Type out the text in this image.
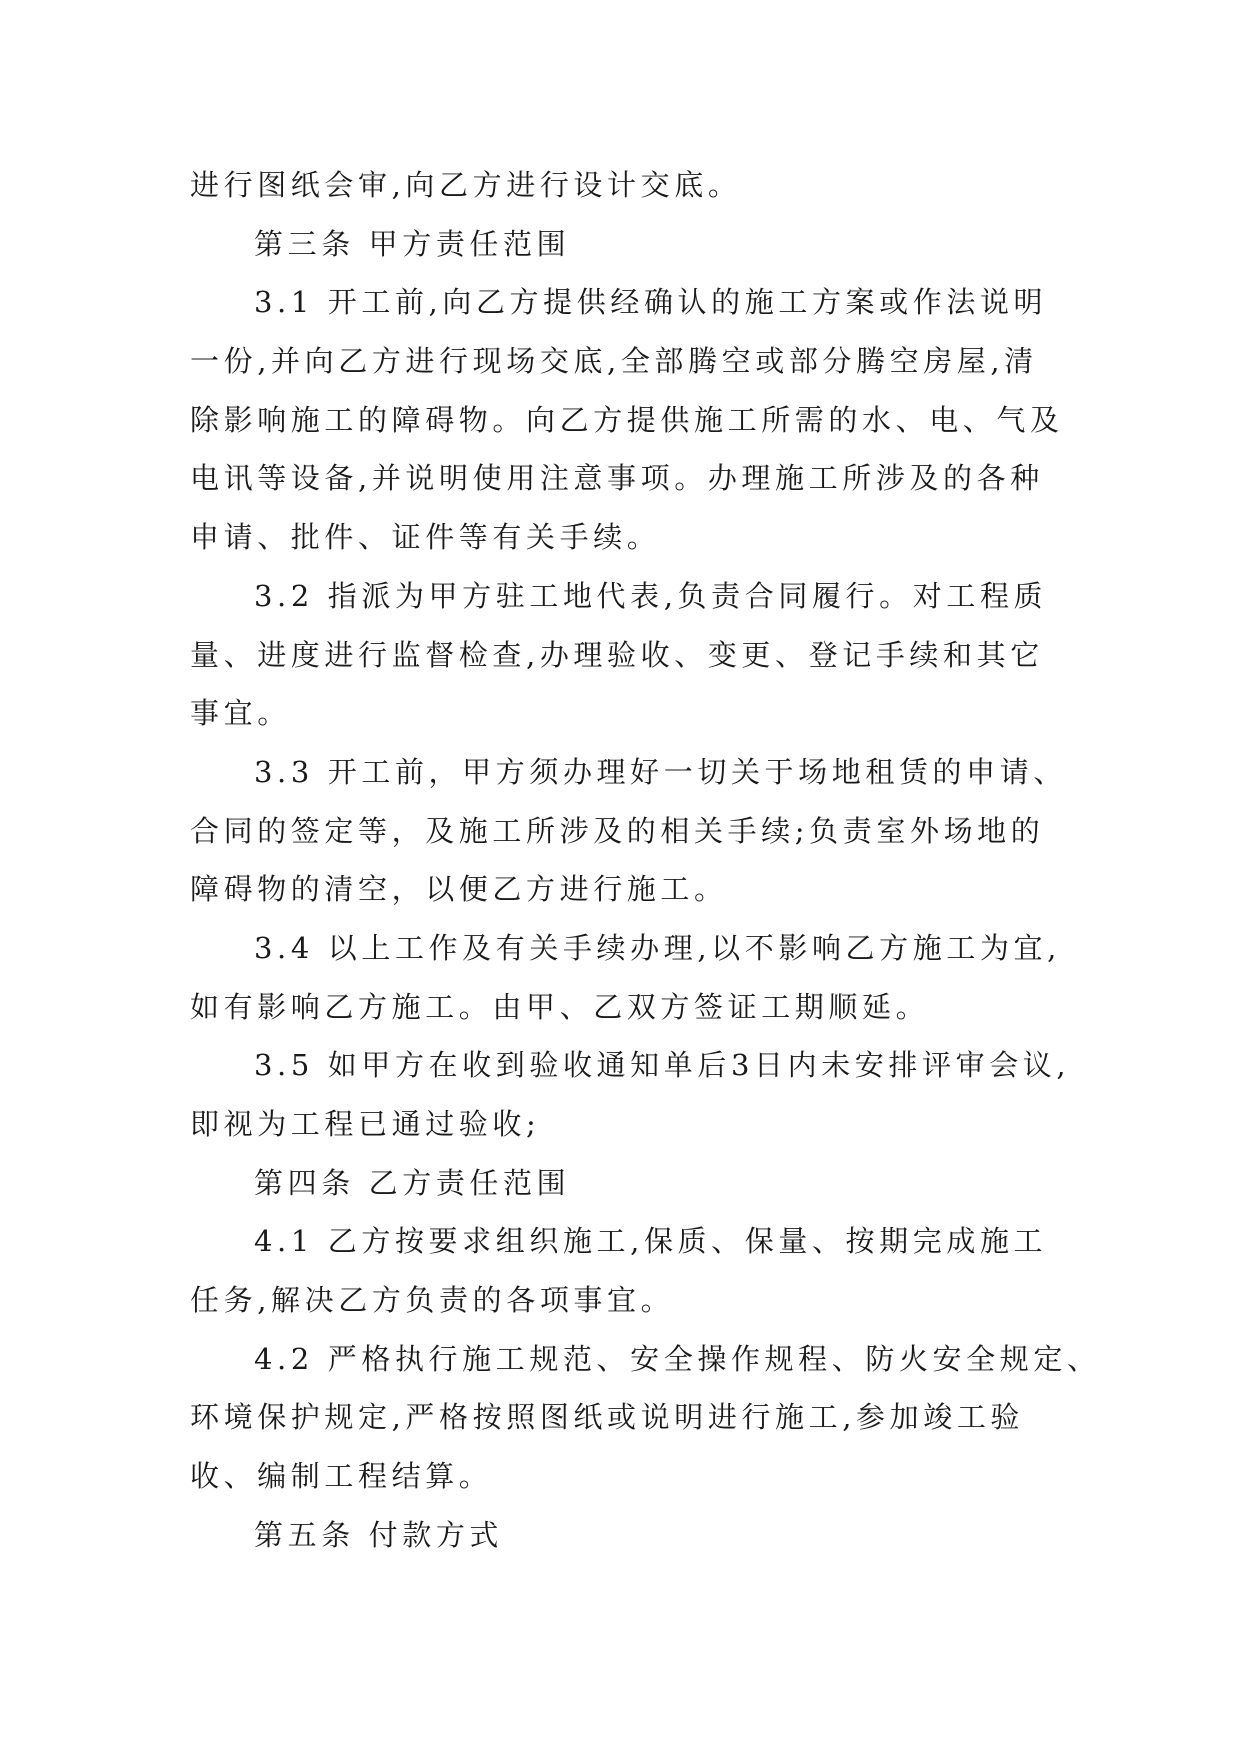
进行图纸会审,向乙方进行设计交底。
第三条 甲方责任范围
3.1 开工前,向乙方提供经确认的施工方案或作法说明
一份,并向乙方进行现场交底,全部腾空或部分腾空房屋,清
除影响施工的障碍物。向乙方提供施工所需的水、电、气及
电讯等设备,并说明使用注意事项。办理施工所涉及的各种
申请、批件、证件等有关手续。
3.2 指派为甲方驻工地代表,负责合同履行。对工程质
量、进度进行监督检查,办理验收、变更、登记手续和其它
事宜。
3.3 开工前，甲方须办理好一切关于场地租赁的申请、
合同的签定等，及施工所涉及的相关手续;负责室外场地的
障碍物的清空，以便乙方进行施工。
3.4 以上工作及有关手续办理,以不影响乙方施工为宜,
如有影响乙方施工。由甲、乙双方签证工期顺延。
3.5 如甲方在收到验收通知单后3日内未安排评审会议,
即视为工程已通过验收;
第四条 乙方责任范围
4.1 乙方按要求组织施工,保质、保量、按期完成施工
任务,解决乙方负责的各项事宜。
4.2 严格执行施工规范、安全操作规程、防火安全规定、
环境保护规定,严格按照图纸或说明进行施工,参加竣工验
收、编制工程结算。
第五条 付款方式
